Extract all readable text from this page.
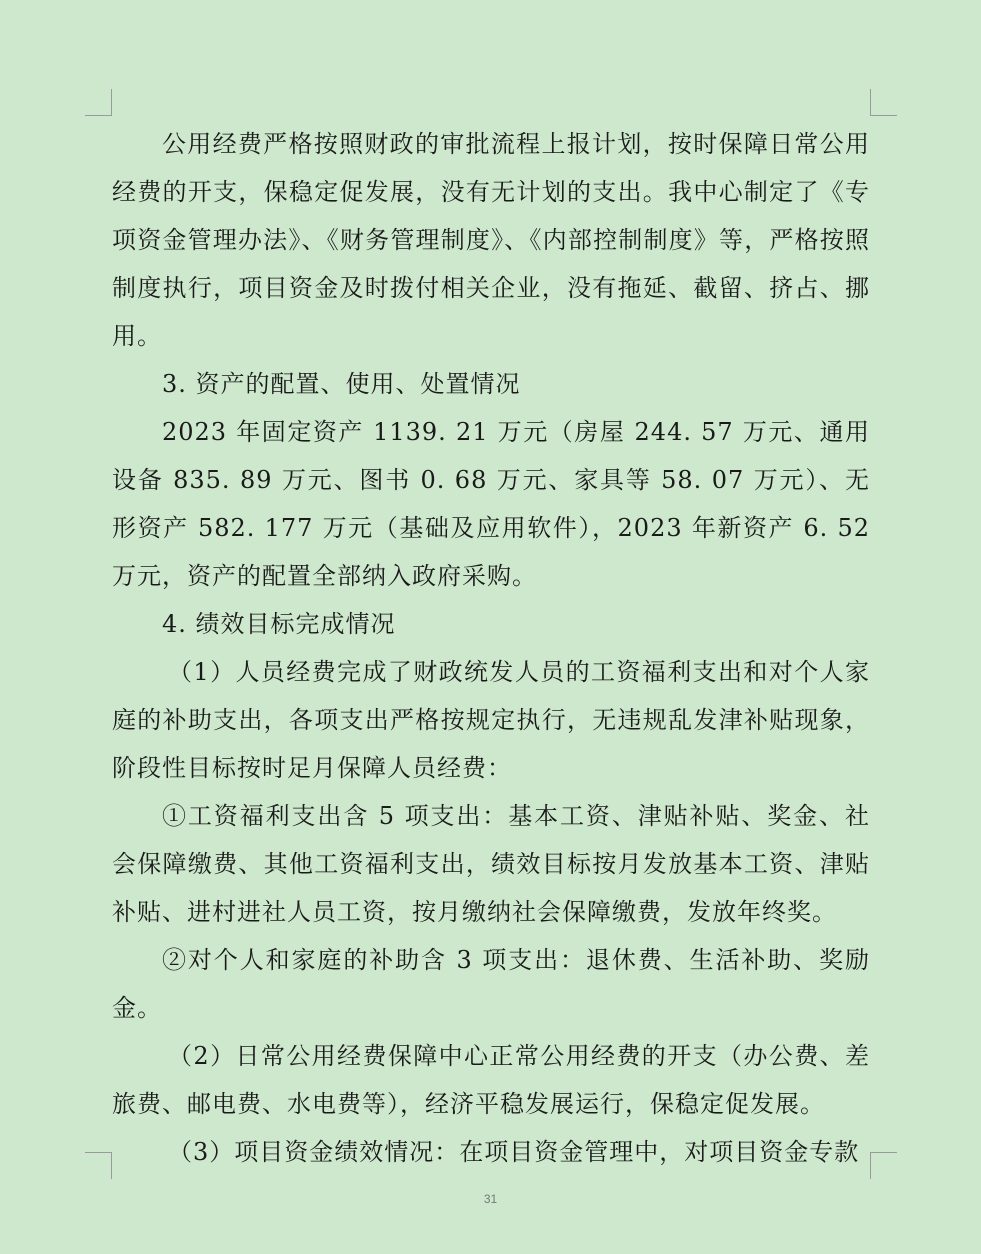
公用经费严格按照财政的审批流程上报计划，按时保障日常公用经费的开支，保稳定促发展，没有无计划的支出。我中心制定了《专项资金管理办法》、《财务管理制度》、《内部控制制度》等，严格按照制度执行，项目资金及时拨付相关企业，没有拖延、截留、挤占、挪用。

3. 资产的配置、使用、处置情况

2023 年固定资产 1139. 21 万元（房屋 244. 57 万元、通用设备 835. 89 万元、图书 0. 68 万元、家具等 58. 07 万元）、无形资产 582. 177 万元（基础及应用软件），2023 年新资产 6. 52 万元，资产的配置全部纳入政府采购。

4. 绩效目标完成情况

（1）人员经费完成了财政统发人员的工资福利支出和对个人家庭的补助支出，各项支出严格按规定执行，无违规乱发津补贴现象，阶段性目标按时足月保障人员经费：

①工资福利支出含 5 项支出：基本工资、津贴补贴、奖金、社会保障缴费、其他工资福利支出，绩效目标按月发放基本工资、津贴补贴、进村进社人员工资，按月缴纳社会保障缴费，发放年终奖。

②对个人和家庭的补助含 3 项支出：退休费、生活补助、奖励金。

（2）日常公用经费保障中心正常公用经费的开支（办公费、差旅费、邮电费、水电费等），经济平稳发展运行，保稳定促发展。

（3）项目资金绩效情况：在项目资金管理中，对项目资金专款

31
